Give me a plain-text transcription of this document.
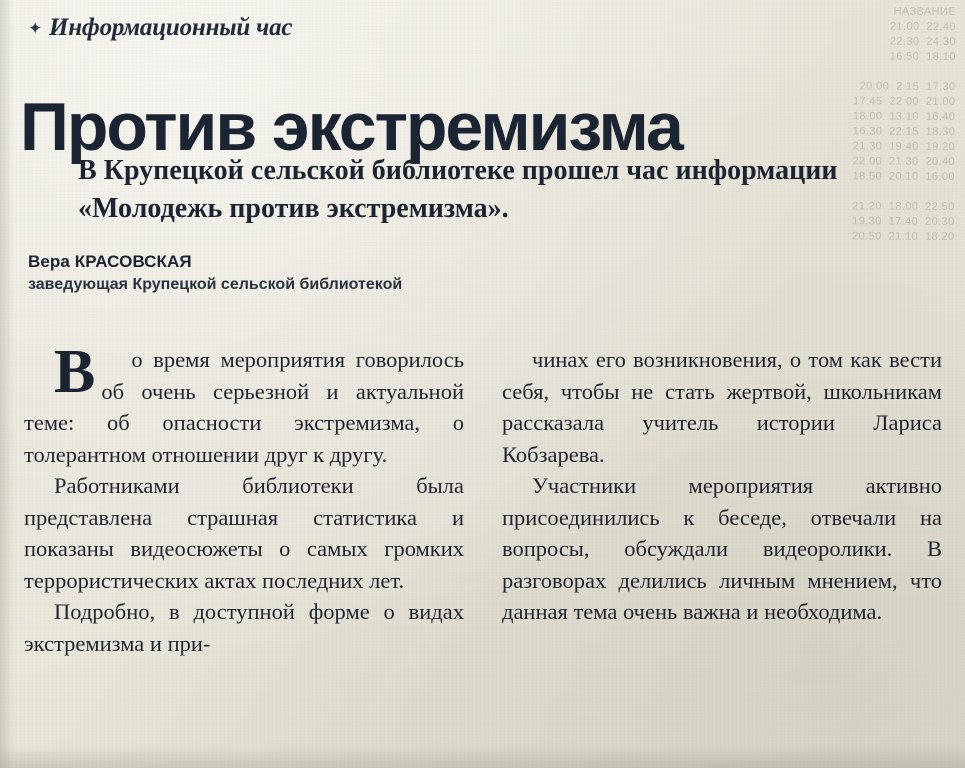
НАЗВАНИЕ
21.00  22.40
22.30  24.30
16.50  18.10

20.00  2.15  17.30
17.45  22.00  21.00
18.00  13.10  16.40
16.30  22.15  18.30
21.30  19.40  19.20
22.00  21.30  20.40
18.50  20.10  16.00

21.20  18.00  22.50
19.30  17.40  20.30
20.50  21.10  18.20
✦ Информационный час
Против экстремизма
В Крупецкой сельской библиотеке прошел час информации «Молодежь против экстремизма».
Вера КРАСОВСКАЯ
заведующая Крупецкой сельской библиотекой

В о время мероприятия говорилось об очень серьезной и актуальной теме: об опасности экстремизма, о толерантном отношении друг к другу.

Работниками библиотеки была представлена страшная статистика и показаны видеосюжеты о самых громких террористических актах последних лет.

Подробно, в доступной форме о видах экстремизма и при-

чинах его возникновения, о том как вести себя, чтобы не стать жертвой, школьникам рассказала учитель истории Лариса Кобзарева.

Участники мероприятия активно присоединились к беседе, отвечали на вопросы, обсуждали видеоролики. В разговорах делились личным мнением, что данная тема очень важна и необходима.
